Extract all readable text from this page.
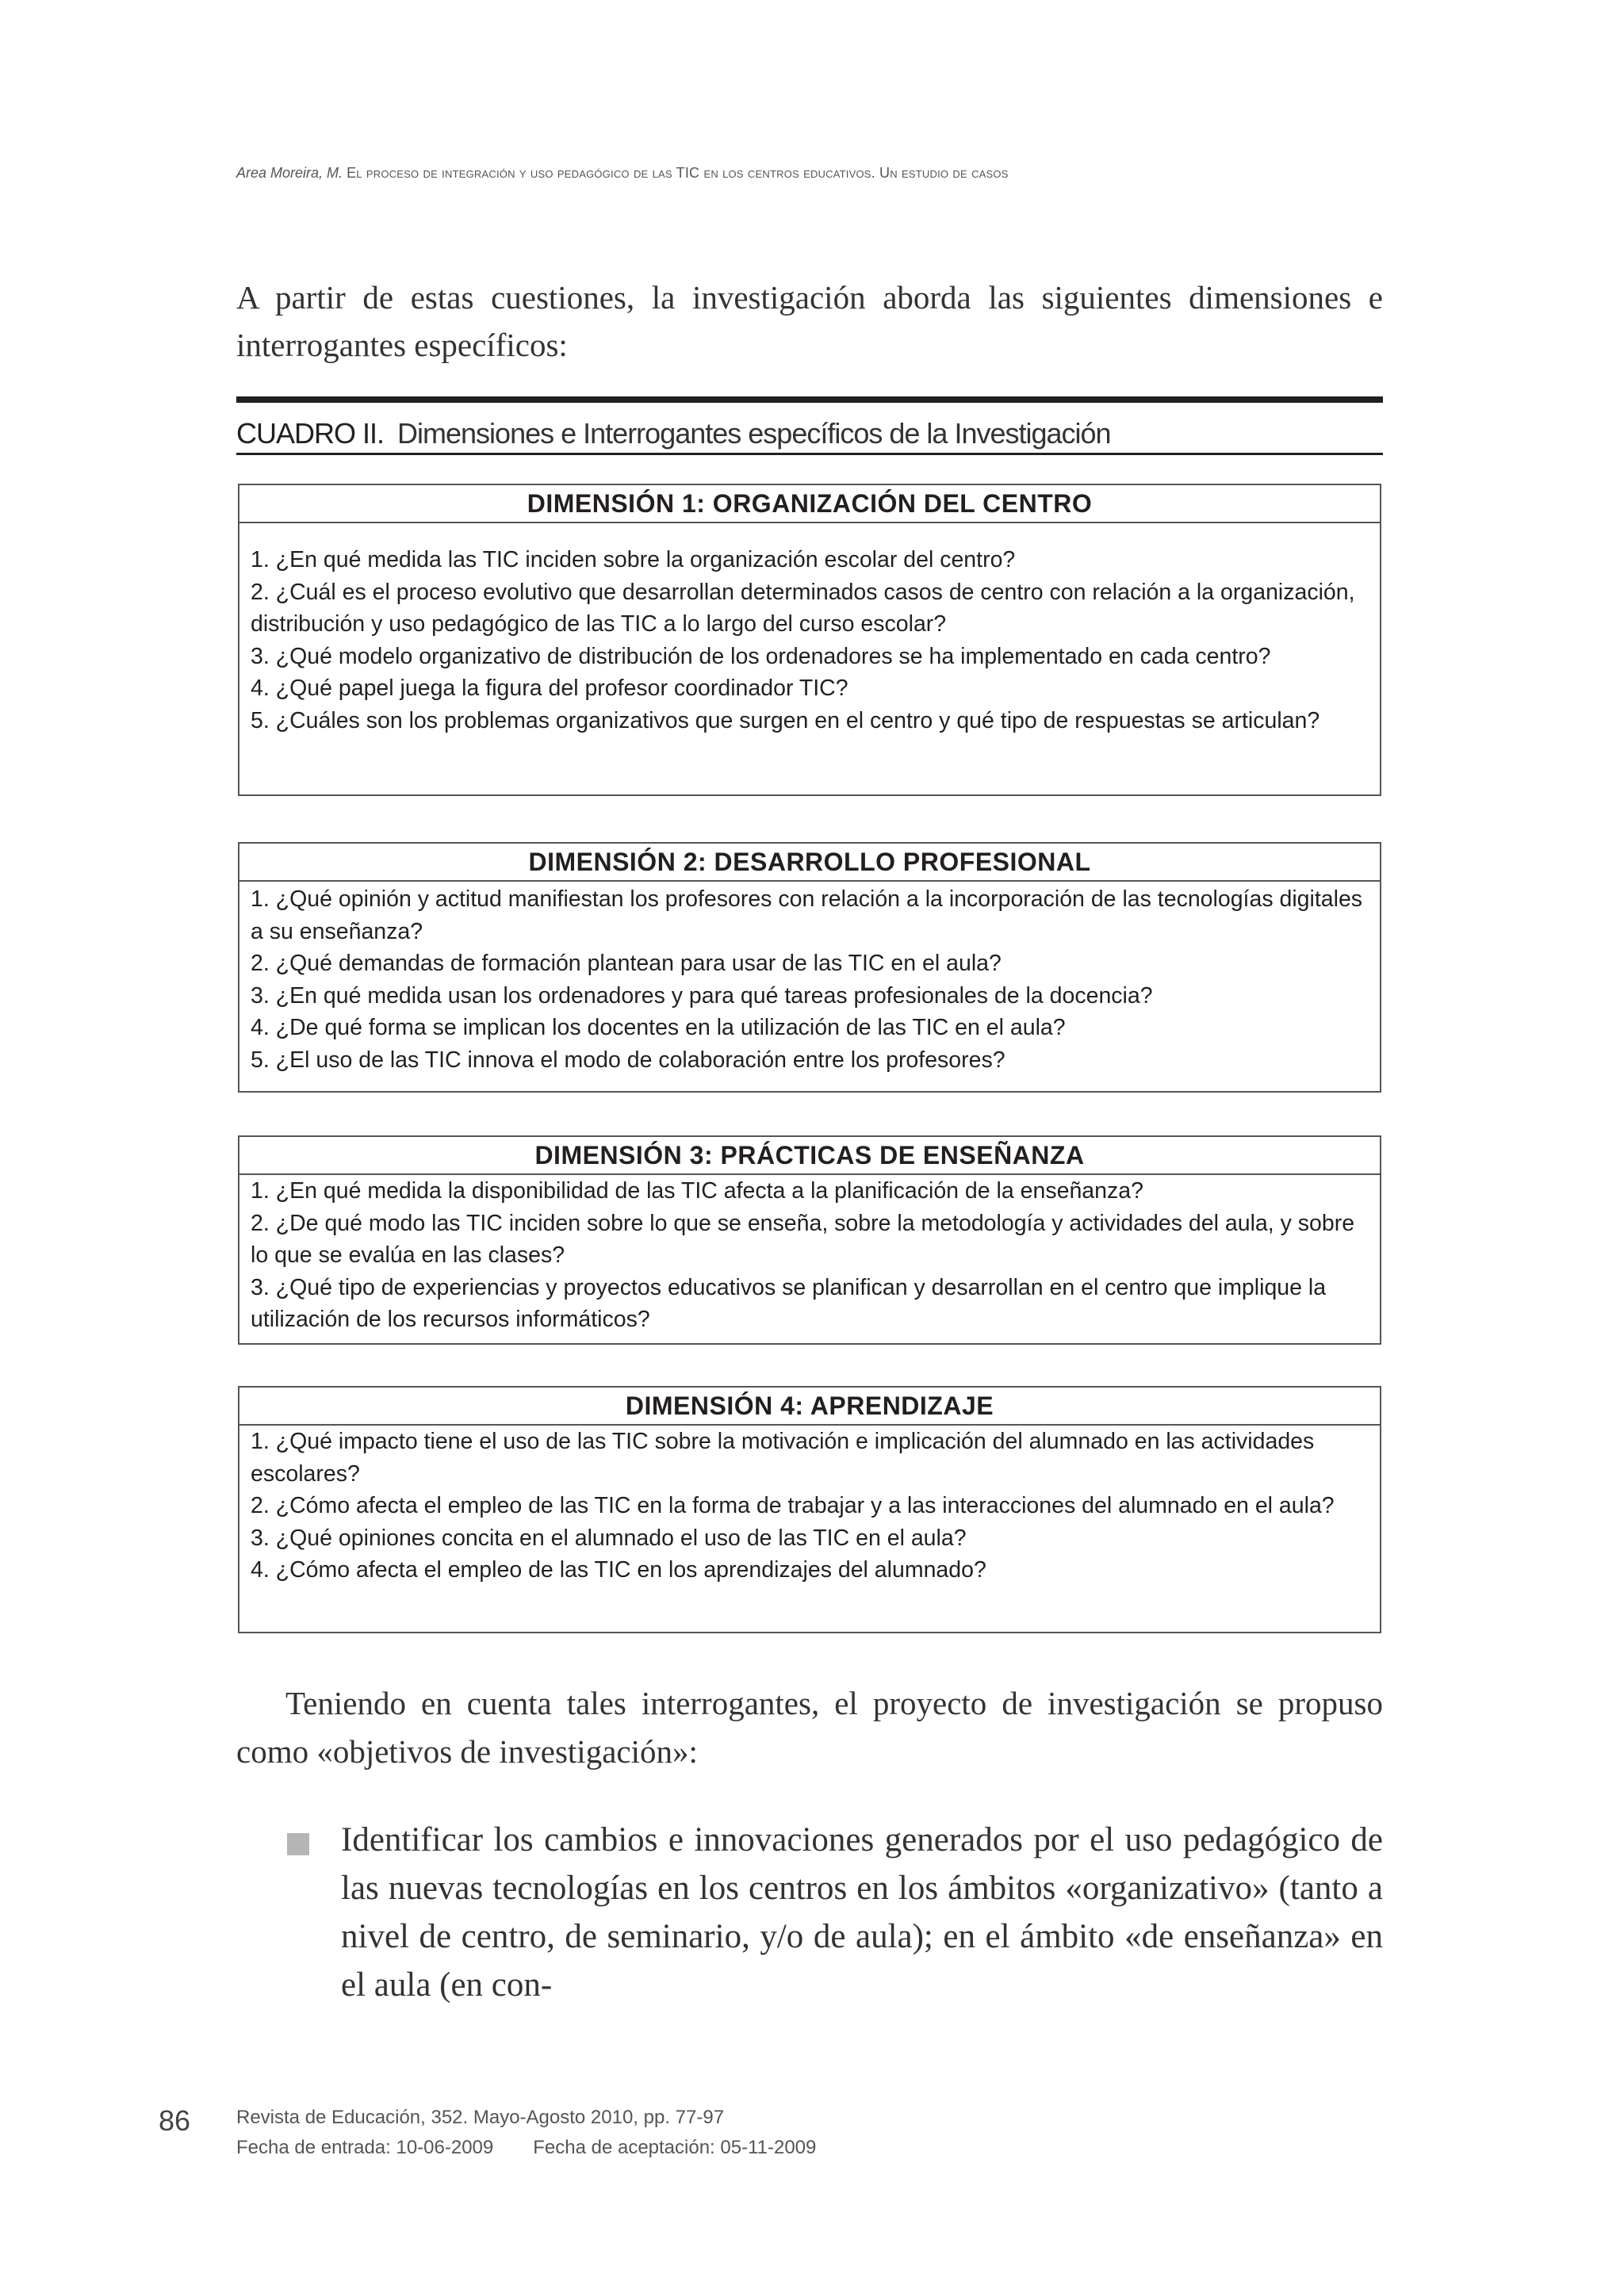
Area Moreira, M. El proceso de integración y uso pedagógico de las TIC en los centros educativos. Un estudio de casos

A partir de estas cuestiones, la investigación aborda las siguientes dimensiones e interrogantes específicos:

CUADRO II. Dimensiones e Interrogantes específicos de la Investigación
DIMENSIÓN 1: ORGANIZACIÓN DEL CENTRO

1. ¿En qué medida las TIC inciden sobre la organización escolar del centro?

2. ¿Cuál es el proceso evolutivo que desarrollan determinados casos de centro con relación a la organización, distribución y uso pedagógico de las TIC a lo largo del curso escolar?

3. ¿Qué modelo organizativo de distribución de los ordenadores se ha implementado en cada centro?

4. ¿Qué papel juega la figura del profesor coordinador TIC?

5. ¿Cuáles son los problemas organizativos que surgen en el centro y qué tipo de respuestas se articulan?

DIMENSIÓN 2: DESARROLLO PROFESIONAL

1. ¿Qué opinión y actitud manifiestan los profesores con relación a la incorporación de las tecnologías digitales a su enseñanza?

2. ¿Qué demandas de formación plantean para usar de las TIC en el aula?

3. ¿En qué medida usan los ordenadores y para qué tareas profesionales de la docencia?

4. ¿De qué forma se implican los docentes en la utilización de las TIC en el aula?

5. ¿El uso de las TIC innova el modo de colaboración entre los profesores?

DIMENSIÓN 3: PRÁCTICAS DE ENSEÑANZA

1. ¿En qué medida la disponibilidad de las TIC afecta a la planificación de la enseñanza?

2. ¿De qué modo las TIC inciden sobre lo que se enseña, sobre la metodología y actividades del aula, y sobre lo que se evalúa en las clases?

3. ¿Qué tipo de experiencias y proyectos educativos se planifican y desarrollan en el centro que implique la utilización de los recursos informáticos?

DIMENSIÓN 4: APRENDIZAJE

1. ¿Qué impacto tiene el uso de las TIC sobre la motivación e implicación del alumnado en las actividades escolares?

2. ¿Cómo afecta el empleo de las TIC en la forma de trabajar y a las interacciones del alumnado en el aula?

3. ¿Qué opiniones concita en el alumnado el uso de las TIC en el aula?

4. ¿Cómo afecta el empleo de las TIC en los aprendizajes del alumnado?

Teniendo en cuenta tales interrogantes, el proyecto de investigación se propuso como «objetivos de investigación»:

Identificar los cambios e innovaciones generados por el uso pedagógico de las nuevas tecnologías en los centros en los ámbitos «organizativo» (tanto a nivel de centro, de seminario, y/o de aula); en el ámbito «de enseñanza» en el aula (en con-

86 Revista de Educación, 352. Mayo-Agosto 2010, pp. 77-97
Fecha de entrada: 10-06-2009 Fecha de aceptación: 05-11-2009
